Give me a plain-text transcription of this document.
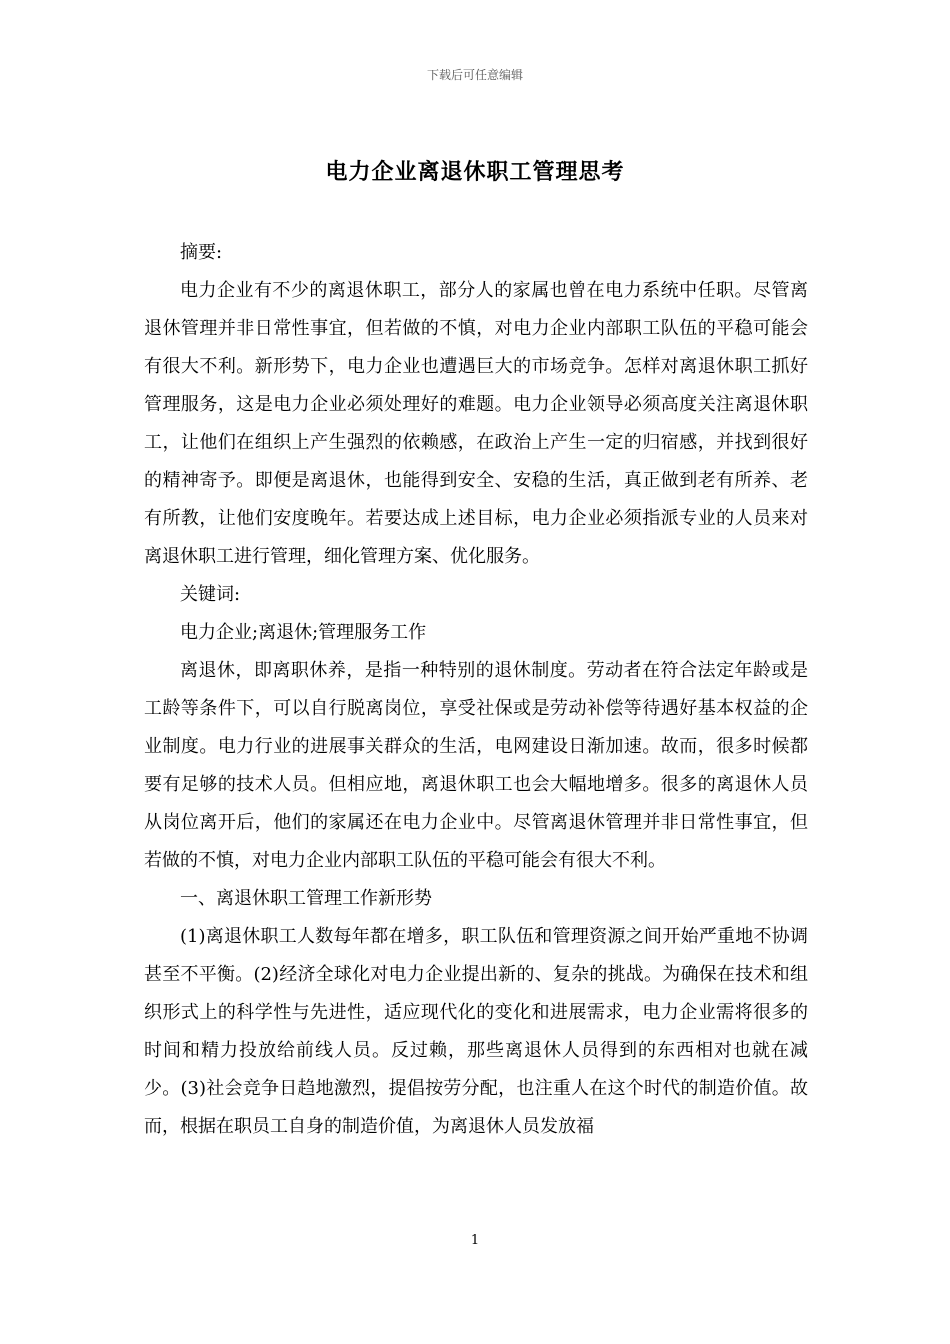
下载后可任意编辑
电力企业离退休职工管理思考

摘要:

电力企业有不少的离退休职工，部分人的家属也曾在电力系统中任职。尽管离退休管理并非日常性事宜，但若做的不慎，对电力企业内部职工队伍的平稳可能会有很大不利。新形势下，电力企业也遭遇巨大的市场竞争。怎样对离退休职工抓好管理服务，这是电力企业必须处理好的难题。电力企业领导必须高度关注离退休职工，让他们在组织上产生强烈的依赖感，在政治上产生一定的归宿感，并找到很好的精神寄予。即便是离退休，也能得到安全、安稳的生活，真正做到老有所养、老有所教，让他们安度晚年。若要达成上述目标，电力企业必须指派专业的人员来对离退休职工进行管理，细化管理方案、优化服务。

关键词:

电力企业;离退休;管理服务工作

离退休，即离职休养，是指一种特别的退休制度。劳动者在符合法定年龄或是工龄等条件下，可以自行脱离岗位，享受社保或是劳动补偿等待遇好基本权益的企业制度。电力行业的进展事关群众的生活，电网建设日渐加速。故而，很多时候都要有足够的技术人员。但相应地，离退休职工也会大幅地增多。很多的离退休人员从岗位离开后，他们的家属还在电力企业中。尽管离退休管理并非日常性事宜，但若做的不慎，对电力企业内部职工队伍的平稳可能会有很大不利。

一、离退休职工管理工作新形势

(1)离退休职工人数每年都在增多，职工队伍和管理资源之间开始严重地不协调甚至不平衡。(2)经济全球化对电力企业提出新的、复杂的挑战。为确保在技术和组织形式上的科学性与先进性，适应现代化的变化和进展需求，电力企业需将很多的时间和精力投放给前线人员。反过赖，那些离退休人员得到的东西相对也就在减少。(3)社会竞争日趋地激烈，提倡按劳分配，也注重人在这个时代的制造价值。故而，根据在职员工自身的制造价值，为离退休人员发放福

1
